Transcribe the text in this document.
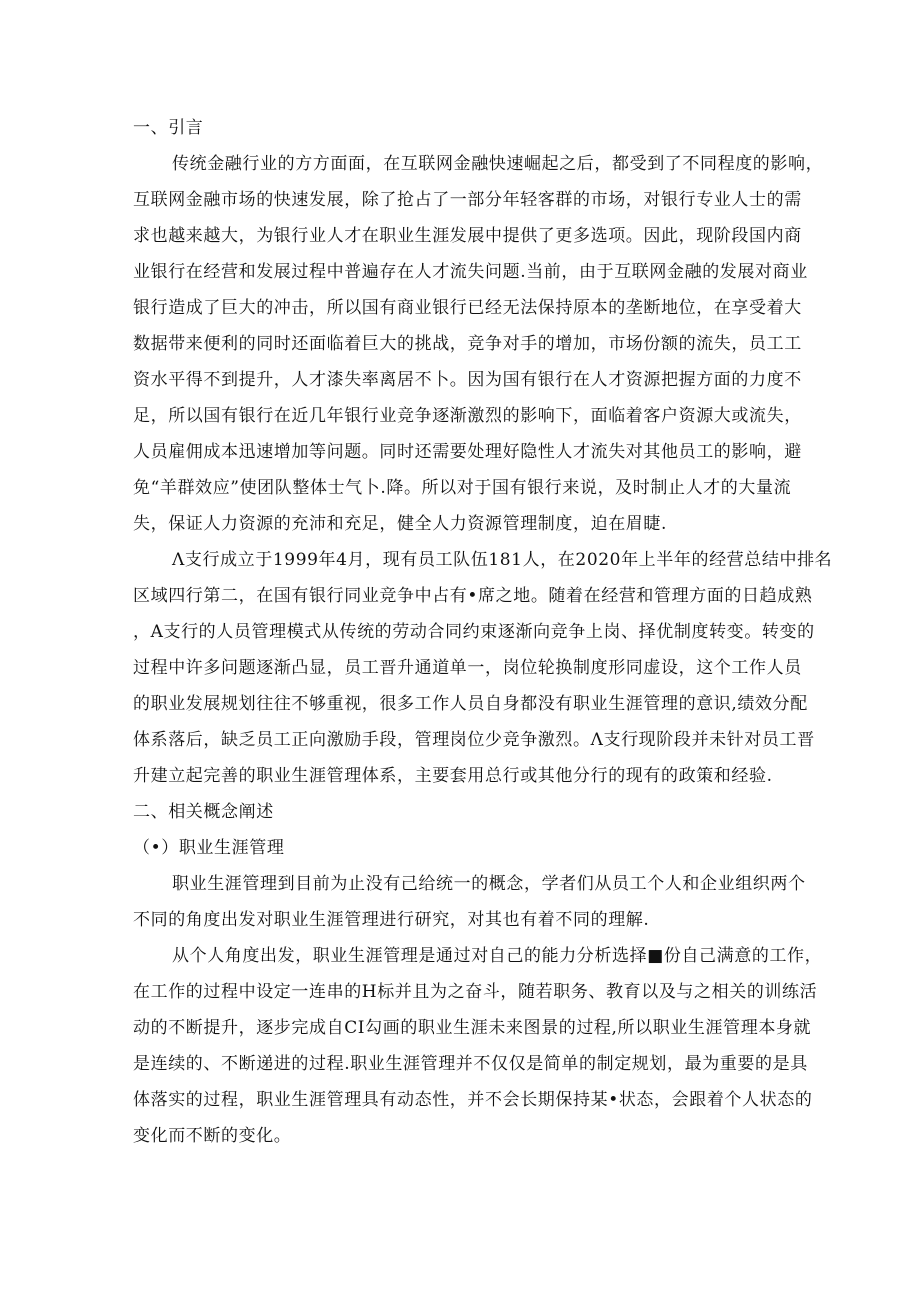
一、引言
传统金融行业的方方面面，在互联网金融快速崛起之后，都受到了不同程度的影响，
互联网金融市场的快速发展，除了抢占了一部分年轻客群的市场，对银行专业人士的需
求也越来越大，为银行业人才在职业生涯发展中提供了更多选项。因此，现阶段国内商
业银行在经营和发展过程中普遍存在人才流失问题.当前，由于互联网金融的发展对商业
银行造成了巨大的冲击，所以国有商业银行已经无法保持原本的垄断地位，在享受着大
数据带来便利的同时还面临着巨大的挑战，竞争对手的增加，市场份额的流失，员工工
资水平得不到提升，人才漆失率离居不卜。因为国有银行在人才资源把握方面的力度不
足，所以国有银行在近几年银行业竞争逐渐激烈的影响下，面临着客户资源大或流失，
人员雇佣成本迅速增加等问题。同时还需要处理好隐性人才流失对其他员工的影响，避
免“羊群效应”使团队整体士气卜.降。所以对于国有银行来说，及时制止人才的大量流
失，保证人力资源的充沛和充足，健全人力资源管理制度，迫在眉睫.
Λ支行成立于1999年4月，现有员工队伍181人，在2020年上半年的经营总结中排名
区域四行第二，在国有银行同业竞争中占有•席之地。随着在经营和管理方面的日趋成熟
，A支行的人员管理模式从传统的劳动合同约束逐渐向竞争上岗、择优制度转变。转变的
过程中许多问题逐渐凸显，员工晋升通道单一，岗位轮换制度形同虚设，这个工作人员
的职业发展规划往往不够重视，很多工作人员自身都没有职业生涯管理的意识,绩效分配
体系落后，缺乏员工正向激励手段，管理岗位少竞争激烈。Λ支行现阶段并未针对员工晋
升建立起完善的职业生涯管理体系，主要套用总行或其他分行的现有的政策和经验.
二、相关概念阐述
（•）职业生涯管理
职业生涯管理到目前为止没有己给统一的概念，学者们从员工个人和企业组织两个
不同的角度出发对职业生涯管理进行研究，对其也有着不同的理解.
从个人角度出发，职业生涯管理是通过对自己的能力分析选择■份自己满意的工作，
在工作的过程中设定一连串的H标并且为之奋斗，随若职务、教育以及与之相关的训练活
动的不断提升，逐步完成自CI勾画的职业生涯未来图景的过程,所以职业生涯管理本身就
是连续的、不断递进的过程.职业生涯管理并不仅仅是简单的制定规划，最为重要的是具
体落实的过程，职业生涯管理具有动态性，并不会长期保持某•状态，会跟着个人状态的
变化而不断的变化。
